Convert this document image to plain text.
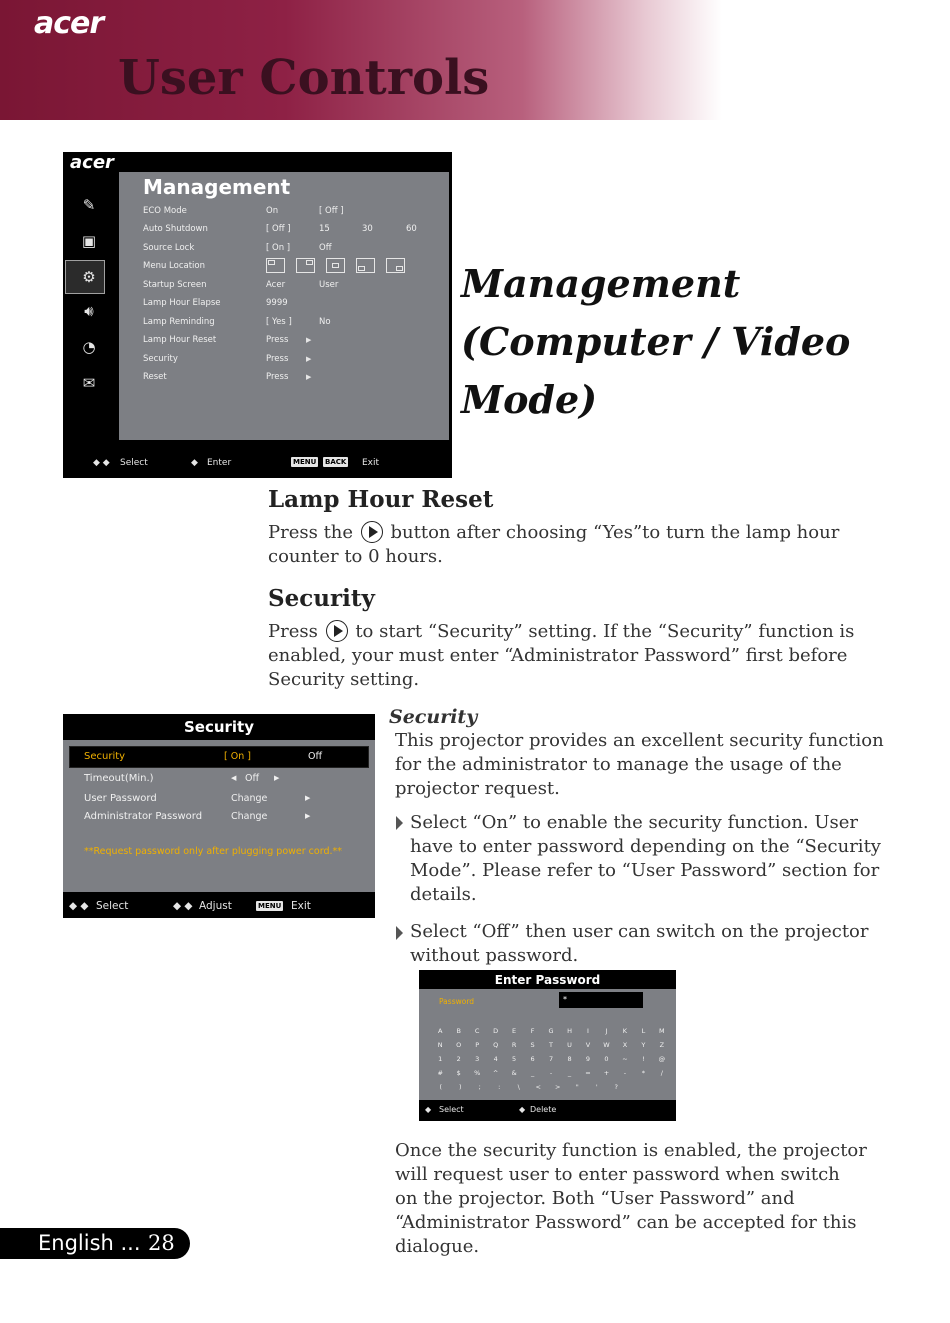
acer
User Controls
acer
✎
▣
⚙
🔊︎
◔
✉
Management
ECO Mode	On	[ Off ]
Auto Shutdown	[ Off ]	15	30	60
Source Lock	[ On ]	Off
Menu Location
Startup Screen	Acer	User
Lamp Hour Elapse	9999
Lamp Reminding	[ Yes ]	No
Lamp Hour Reset	Press	▶
Security	Press	▶
Reset	Press	▶
◆ ◆ Select	◆ Enter	MENU BACK Exit
Management
(Computer / Video
Mode)
Lamp Hour Reset
Press the button after choosing “Yes”to turn the lamp hour
counter to 0 hours.
Security
Press to start “Security” setting. If the “Security” function is
enabled, your must enter “Administrator Password” first before
Security setting.
Security
Security	[ On ]	Off
Timeout(Min.)	◀ Off ▶
User Password	Change	▶
Administrator Password	Change	▶
**Request password only after plugging power cord.**
◆ ◆ Select	◆ ◆ Adjust	MENU Exit
Security
This projector provides an excellent security function
for the administrator to manage the usage of the
projector request.
Select “On” to enable the security function. User
have to enter password depending on the “Security
Mode”. Please refer to “User Password” section for
details.
Select “Off” then user can switch on the projector
without password.
Enter Password
Password	*
A	B	C	D	E	F	G	H	I	J	K	L	M
N	O	P	Q	R	S	T	U	V	W	X	Y	Z
1	2	3	4	5	6	7	8	9	0	~	!	@
#	$	%	^	&	_	-	_	=	+	-	*	/
(	)	;	:	\	<	>	"	'	?
◆ Select	◆ Delete
Once the security function is enabled, the projector
will request user to enter password when switch
on the projector. Both “User Password” and
“Administrator Password” can be accepted for this
dialogue.
English ... 28
